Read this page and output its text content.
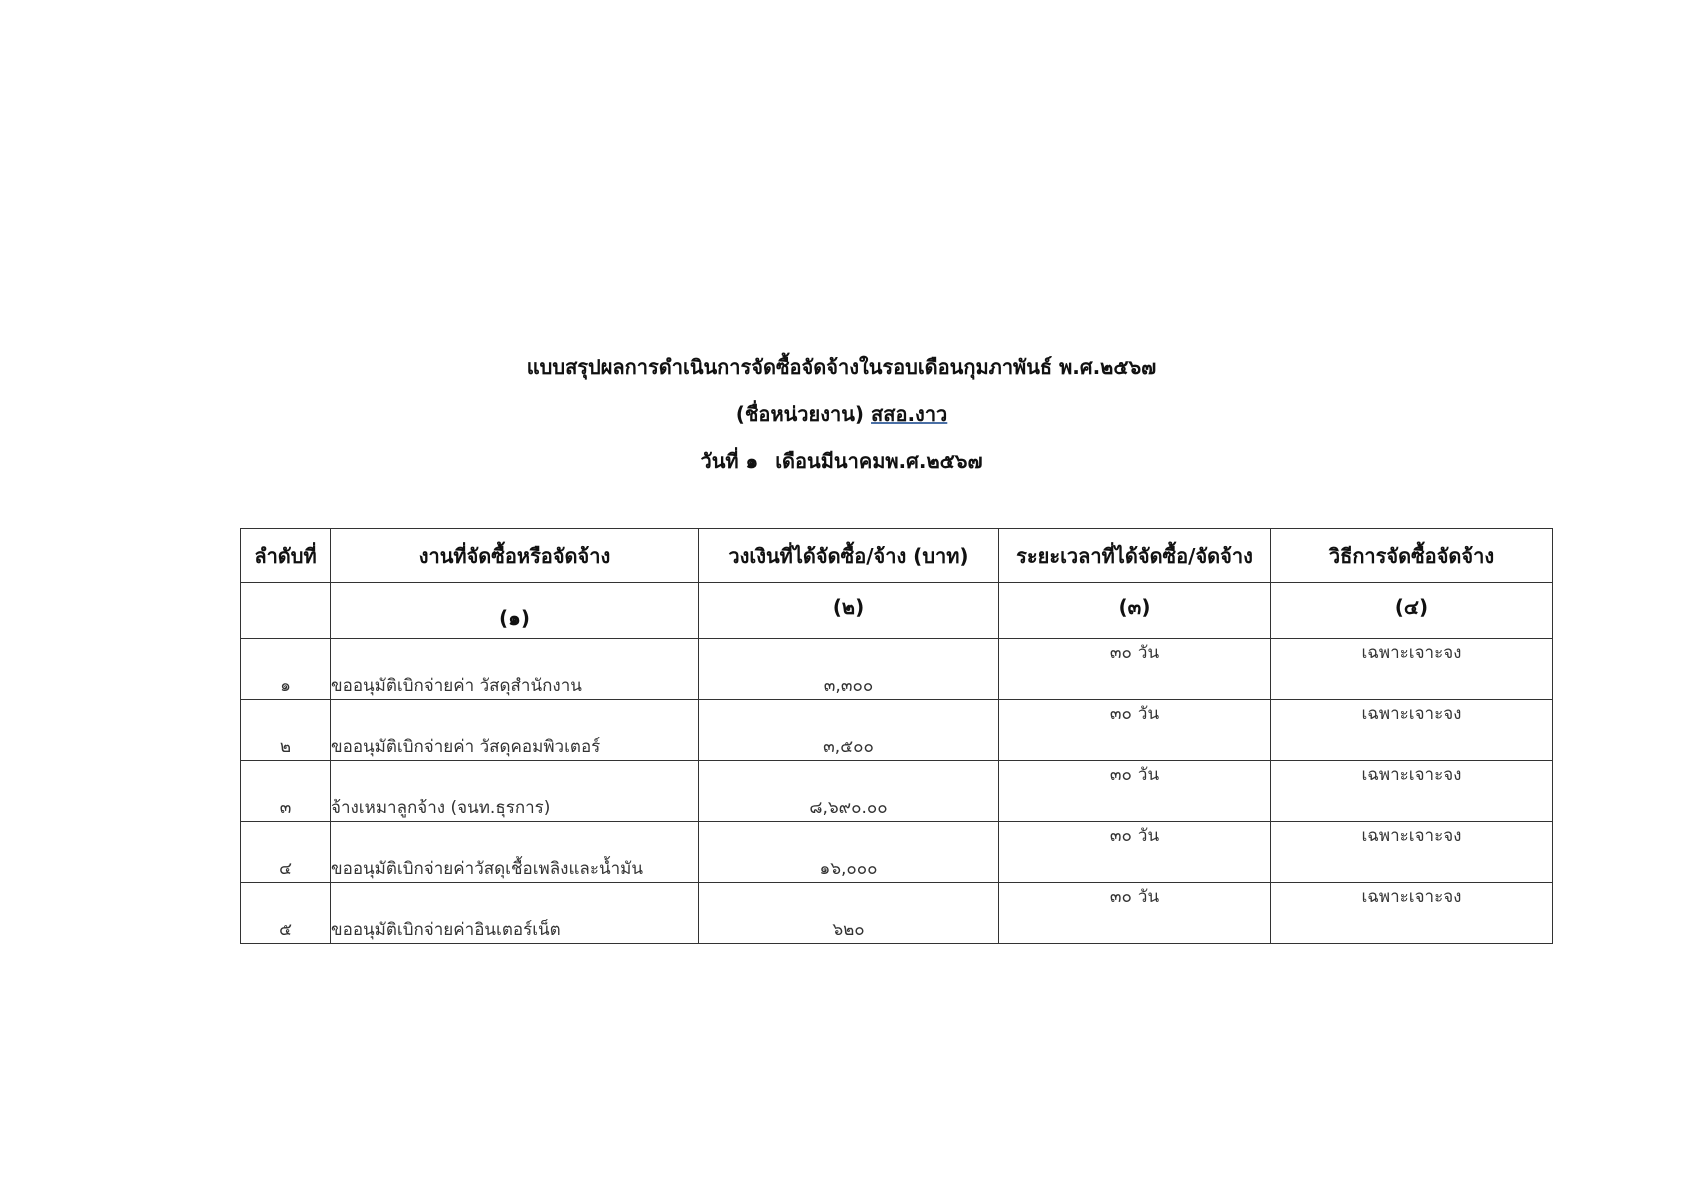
แบบสรุปผลการดำเนินการจัดซื้อจัดจ้างในรอบเดือนกุมภาพันธ์ พ.ศ.๒๕๖๗
(ชื่อหน่วยงาน) สสอ.งาว
วันที่ ๑ เดือนมีนาคมพ.ศ.๒๕๖๗
ลำดับที่	งานที่จัดซื้อหรือจัดจ้าง	วงเงินที่ได้จัดซื้อ/จ้าง (บาท)	ระยะเวลาที่ได้จัดซื้อ/จัดจ้าง	วิธีการจัดซื้อจัดจ้าง
	(๑)	(๒)	(๓)	(๔)
๑	ขออนุมัติเบิกจ่ายค่า วัสดุสำนักงาน	๓,๓๐๐	๓๐ วัน	เฉพาะเจาะจง
๒	ขออนุมัติเบิกจ่ายค่า วัสดุคอมพิวเตอร์	๓,๕๐๐	๓๐ วัน	เฉพาะเจาะจง
๓	จ้างเหมาลูกจ้าง (จนท.ธุรการ)	๘,๖๙๐.๐๐	๓๐ วัน	เฉพาะเจาะจง
๔	ขออนุมัติเบิกจ่ายค่าวัสดุเชื้อเพลิงและน้ำมัน	๑๖,๐๐๐	๓๐ วัน	เฉพาะเจาะจง
๕	ขออนุมัติเบิกจ่ายค่าอินเตอร์เน็ต	๖๒๐	๓๐ วัน	เฉพาะเจาะจง
